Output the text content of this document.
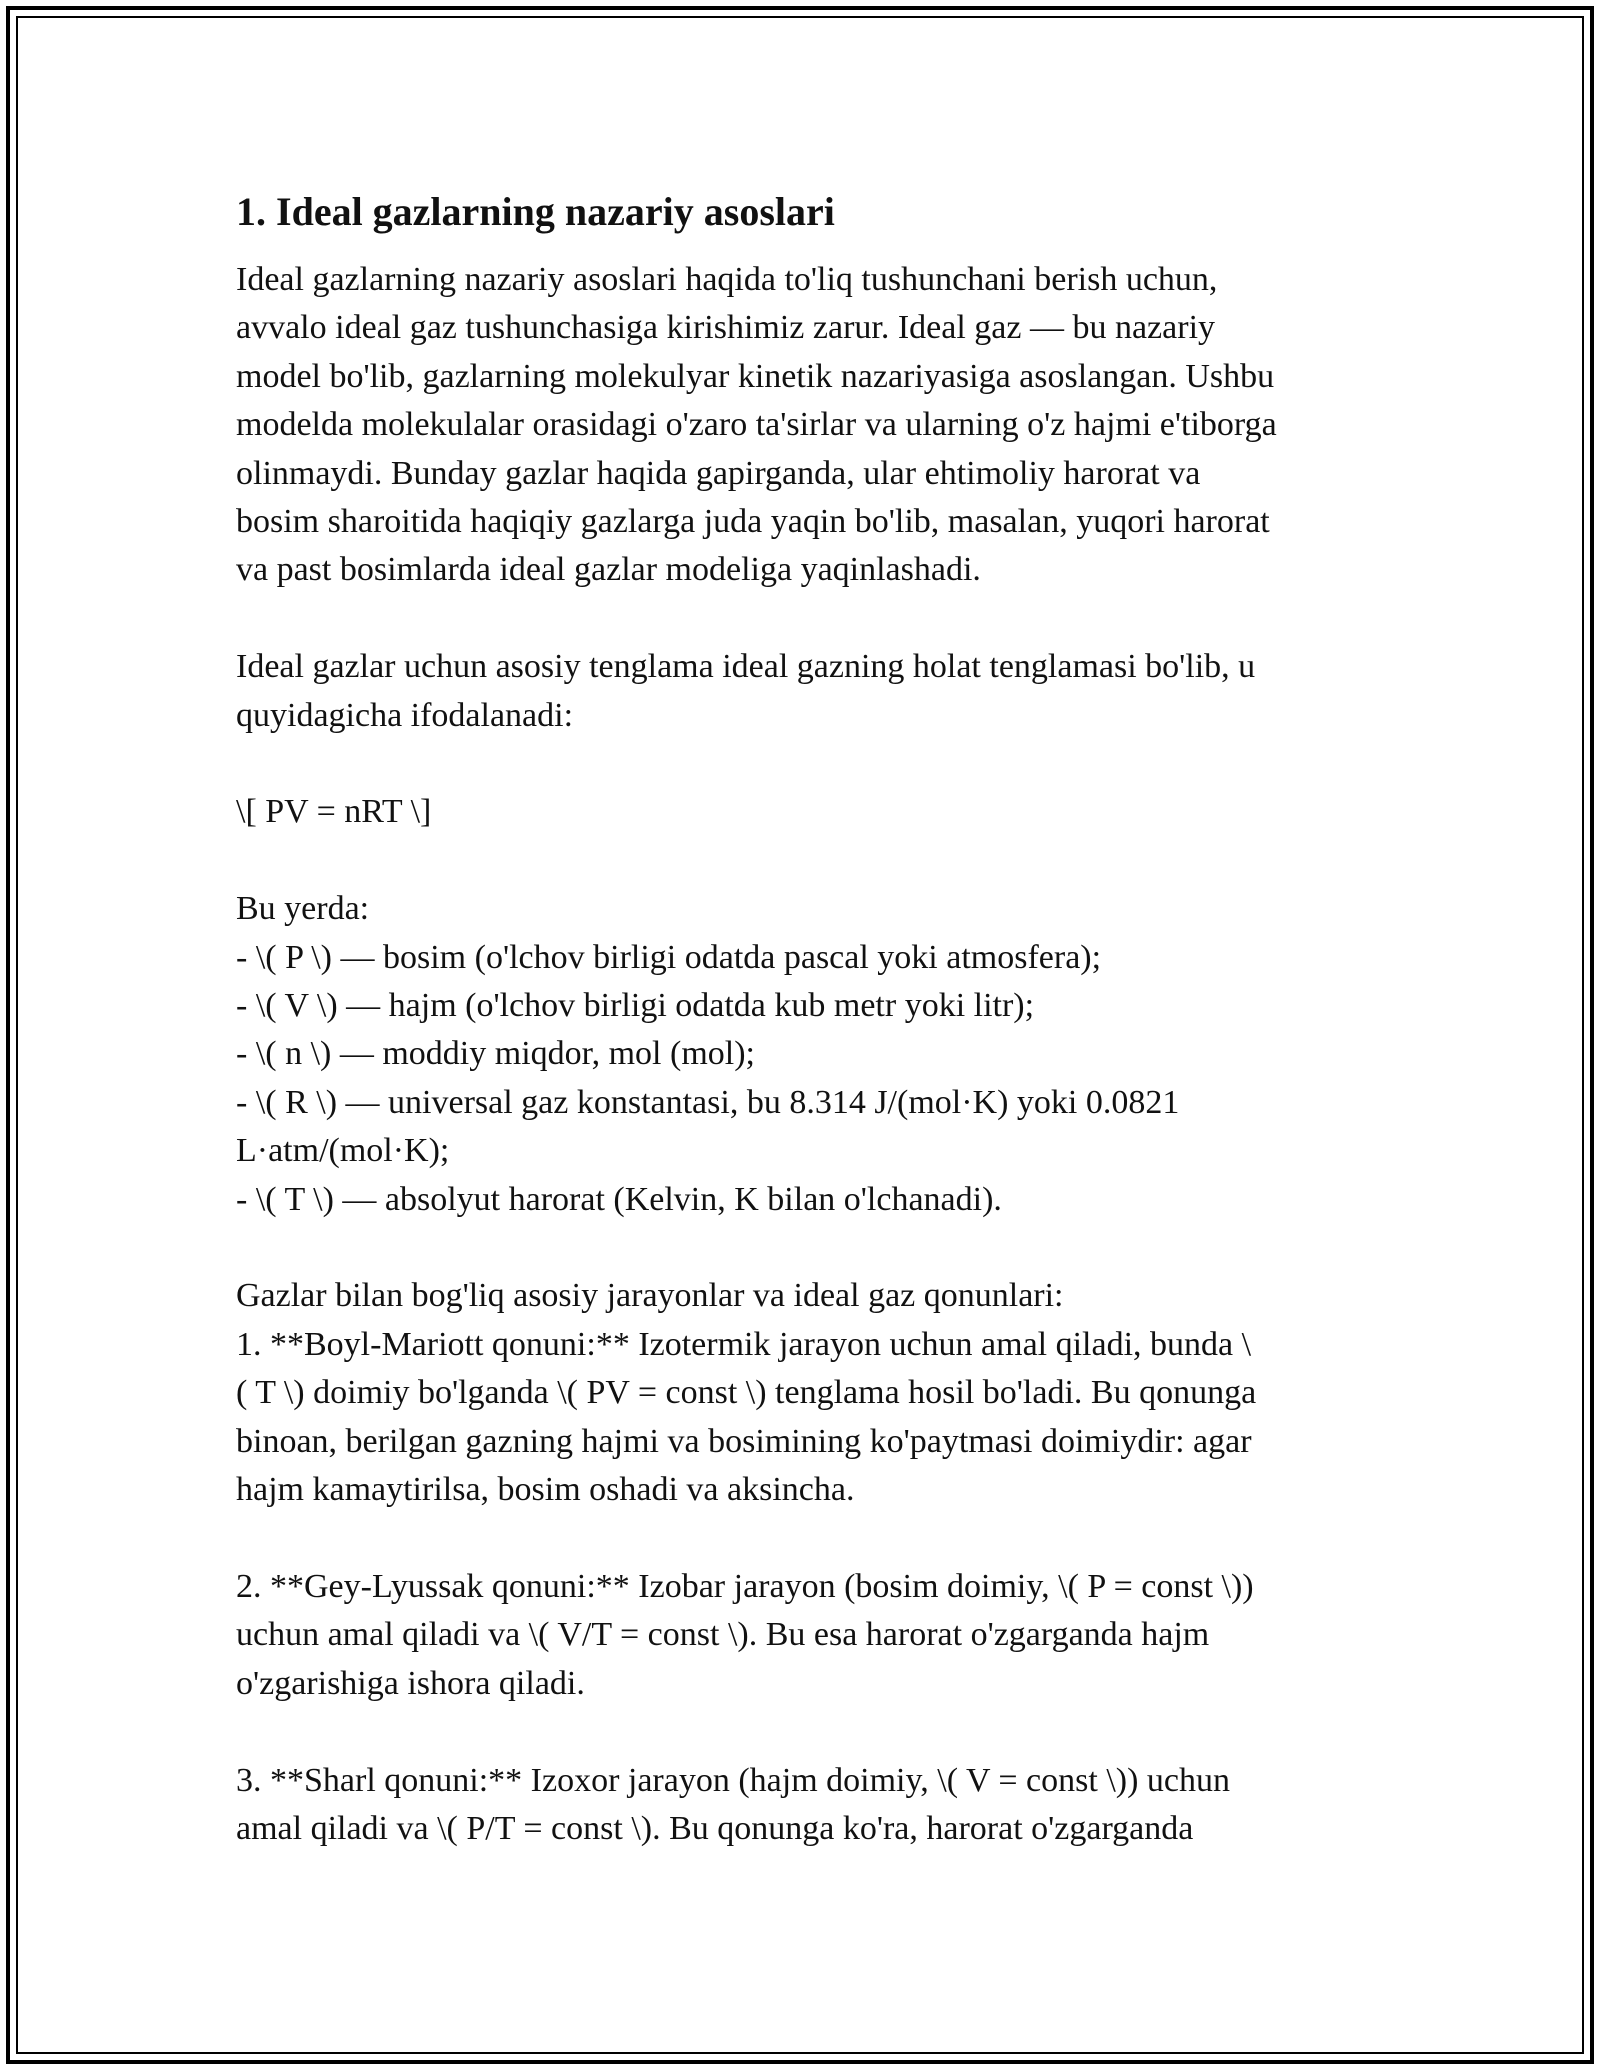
1. Ideal gazlarning nazariy asoslari
Ideal gazlarning nazariy asoslari haqida to'liq tushunchani berish uchun,
avvalo ideal gaz tushunchasiga kirishimiz zarur. Ideal gaz — bu nazariy
model bo'lib, gazlarning molekulyar kinetik nazariyasiga asoslangan. Ushbu
modelda molekulalar orasidagi o'zaro ta'sirlar va ularning o'z hajmi e'tiborga
olinmaydi. Bunday gazlar haqida gapirganda, ular ehtimoliy harorat va
bosim sharoitida haqiqiy gazlarga juda yaqin bo'lib, masalan, yuqori harorat
va past bosimlarda ideal gazlar modeliga yaqinlashadi.
Ideal gazlar uchun asosiy tenglama ideal gazning holat tenglamasi bo'lib, u
quyidagicha ifodalanadi:
\[ PV = nRT \]
Bu yerda:
- \( P \) — bosim (o'lchov birligi odatda pascal yoki atmosfera);
- \( V \) — hajm (o'lchov birligi odatda kub metr yoki litr);
- \( n \) — moddiy miqdor, mol (mol);
- \( R \) — universal gaz konstantasi, bu 8.314 J/(mol·K) yoki 0.0821
L·atm/(mol·K);
- \( T \) — absolyut harorat (Kelvin, K bilan o'lchanadi).
Gazlar bilan bog'liq asosiy jarayonlar va ideal gaz qonunlari:
1. **Boyl-Mariott qonuni:** Izotermik jarayon uchun amal qiladi, bunda \
( T \) doimiy bo'lganda \( PV = const \) tenglama hosil bo'ladi. Bu qonunga
binoan, berilgan gazning hajmi va bosimining ko'paytmasi doimiydir: agar
hajm kamaytirilsa, bosim oshadi va aksincha.
2. **Gey-Lyussak qonuni:** Izobar jarayon (bosim doimiy, \( P = const \))
uchun amal qiladi va \( V/T = const \). Bu esa harorat o'zgarganda hajm
o'zgarishiga ishora qiladi.
3. **Sharl qonuni:** Izoxor jarayon (hajm doimiy, \( V = const \)) uchun
amal qiladi va \( P/T = const \). Bu qonunga ko'ra, harorat o'zgarganda
